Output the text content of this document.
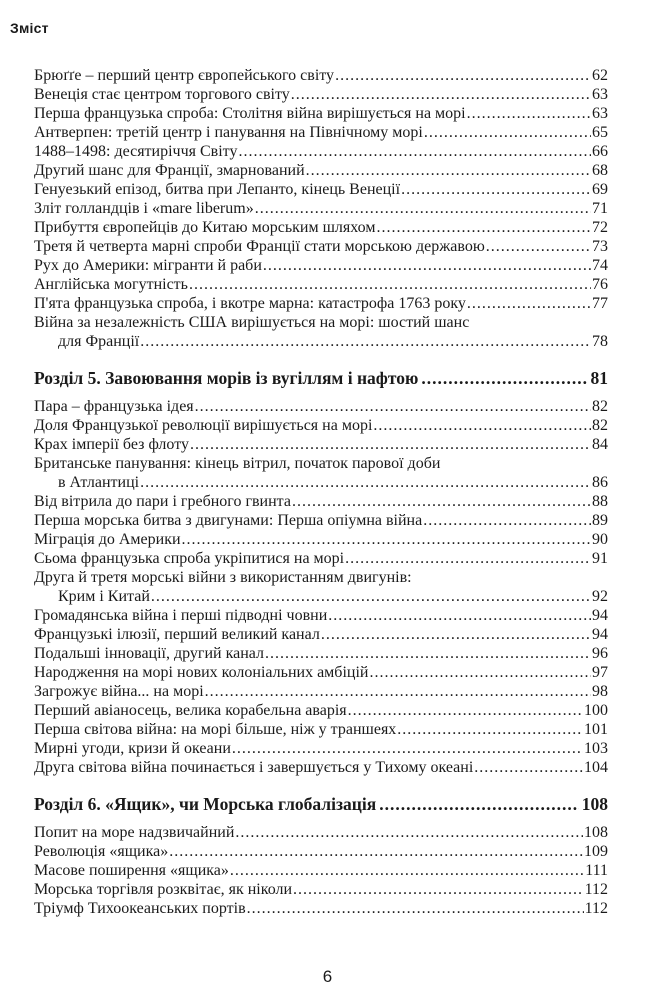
Зміст
Брюґґе – перший центр європейського світу .....	62
Венеція стає центром торгового світу .....	63
Перша французька спроба: Столітня війна вирішується на морі .....	63
Антверпен: третій центр і панування на Північному морі .....	65
1488–1498: десятиріччя Світу .....	66
Другий шанс для Франції, змарнований .....	68
Генуезький епізод, битва при Лепанто, кінець Венеції .....	69
Зліт голландців і «mare liberum» .....	71
Прибуття європейців до Китаю морським шляхом .....	72
Третя й четверта марні спроби Франції стати морською державою .....	73
Рух до Америки: мігранти й раби .....	74
Англійська могутність .....	76
П'ята французька спроба, і вкотре марна: катастрофа 1763 року .....	77
Війна за незалежність США вирішується на морі: шостий шанс
для Франції .....	78
Розділ 5. Завоювання морів із вугіллям і нафтою .....	81
Пара – французька ідея .....	82
Доля Французької революції вирішується на морі .....	82
Крах імперії без флоту .....	84
Британське панування: кінець вітрил, початок парової доби
в Атлантиці .....	86
Від вітрила до пари і гребного гвинта .....	88
Перша морська битва з двигунами: Перша опіумна війна .....	89
Міграція до Америки .....	90
Сьома французька спроба укріпитися на морі .....	91
Друга й третя морські війни з використанням двигунів:
Крим і Китай .....	92
Громадянська війна і перші підводні човни .....	94
Французькі ілюзії, перший великий канал .....	94
Подальші інновації, другий канал .....	96
Народження на морі нових колоніальних амбіцій .....	97
Загрожує війна... на морі .....	98
Перший авіаносець, велика корабельна аварія .....	100
Перша світова війна: на морі більше, ніж у траншеях .....	101
Мирні угоди, кризи й океани .....	103
Друга світова війна починається і завершується у Тихому океані .....	104
Розділ 6. «Ящик», чи Морська глобалізація .....	108
Попит на море надзвичайний .....	108
Революція «ящика» .....	109
Масове поширення «ящика» .....	111
Морська торгівля розквітає, як ніколи .....	112
Тріумф Тихоокеанських портів .....	112
6
